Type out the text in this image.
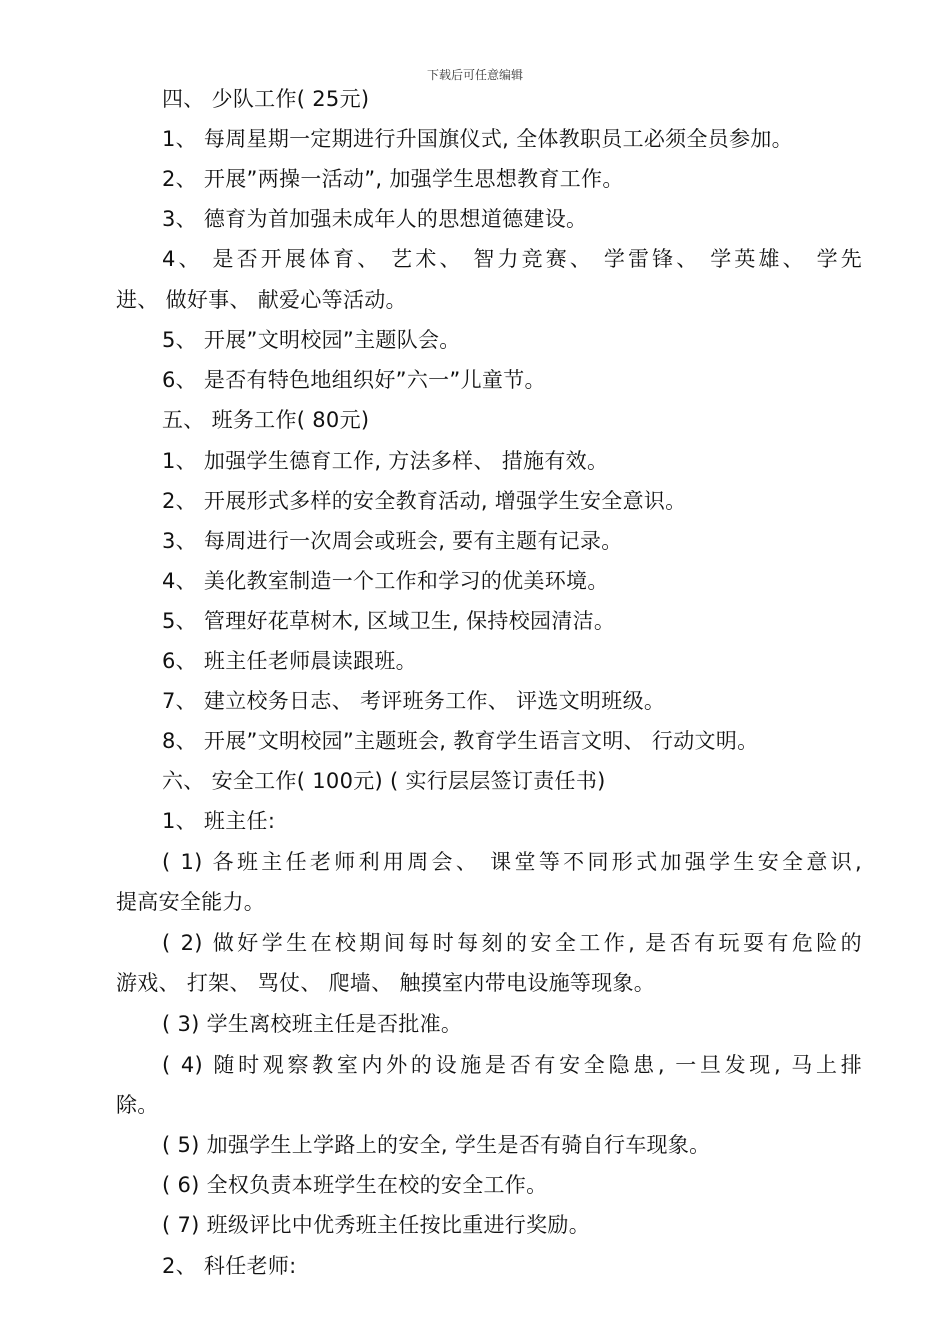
下载后可任意编辑
四、 少队工作( 25元)
1、 每周星期一定期进行升国旗仪式, 全体教职员工必须全员参加。
2、 开展”两操一活动”, 加强学生思想教育工作。
3、 德育为首加强未成年人的思想道德建设。
4、 是否开展体育、 艺术、 智力竞赛、 学雷锋、 学英雄、 学先
进、 做好事、 献爱心等活动。
5、 开展”文明校园”主题队会。
6、 是否有特色地组织好”六一”儿童节。
五、 班务工作( 80元)
1、 加强学生德育工作, 方法多样、 措施有效。
2、 开展形式多样的安全教育活动, 增强学生安全意识。
3、 每周进行一次周会或班会, 要有主题有记录。
4、 美化教室制造一个工作和学习的优美环境。
5、 管理好花草树木, 区域卫生, 保持校园清洁。
6、 班主任老师晨读跟班。
7、 建立校务日志、 考评班务工作、 评选文明班级。
8、 开展”文明校园”主题班会, 教育学生语言文明、 行动文明。
六、 安全工作( 100元) ( 实行层层签订责任书)
1、 班主任:
( 1) 各班主任老师利用周会、 课堂等不同形式加强学生安全意识,
提高安全能力。
( 2) 做好学生在校期间每时每刻的安全工作, 是否有玩耍有危险的
游戏、 打架、 骂仗、 爬墙、 触摸室内带电设施等现象。
( 3) 学生离校班主任是否批准。
( 4) 随时观察教室内外的设施是否有安全隐患, 一旦发现, 马上排
除。
( 5) 加强学生上学路上的安全, 学生是否有骑自行车现象。
( 6) 全权负责本班学生在校的安全工作。
( 7) 班级评比中优秀班主任按比重进行奖励。
2、 科任老师:
